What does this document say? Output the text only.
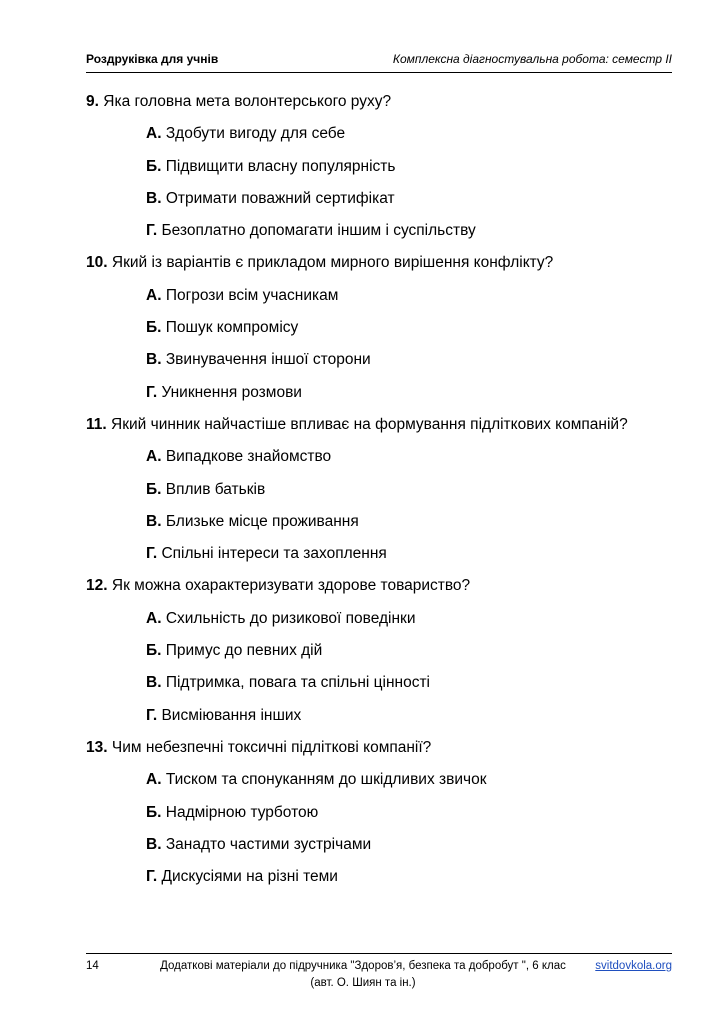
Роздруківка для учнів	Комплексна діагностувальна робота: семестр ІІ
9. Яка головна мета волонтерського руху?
А. Здобути вигоду для себе
Б. Підвищити власну популярність
В. Отримати поважний сертифікат
Г. Безоплатно допомагати іншим і суспільству
10. Який із варіантів є прикладом мирного вирішення конфлікту?
А. Погрози всім учасникам
Б. Пошук компромісу
В. Звинувачення іншої сторони
Г. Уникнення розмови
11. Який чинник найчастіше впливає на формування підліткових компаній?
А. Випадкове знайомство
Б. Вплив батьків
В. Близьке місце проживання
Г. Спільні інтереси та захоплення
12. Як можна охарактеризувати здорове товариство?
А. Схильність до ризикової поведінки
Б. Примус до певних дій
В. Підтримка, повага та спільні цінності
Г. Висміювання інших
13. Чим небезпечні токсичні підліткові компанії?
А. Тиском та спонуканням до шкідливих звичок
Б. Надмірною турботою
В. Занадто частими зустрічами
Г. Дискусіями на різні теми
14	Додаткові матеріали до підручника "Здоров’я, безпека та добробут ", 6 клас
(авт. О. Шиян та ін.)
svitdovkola.org
